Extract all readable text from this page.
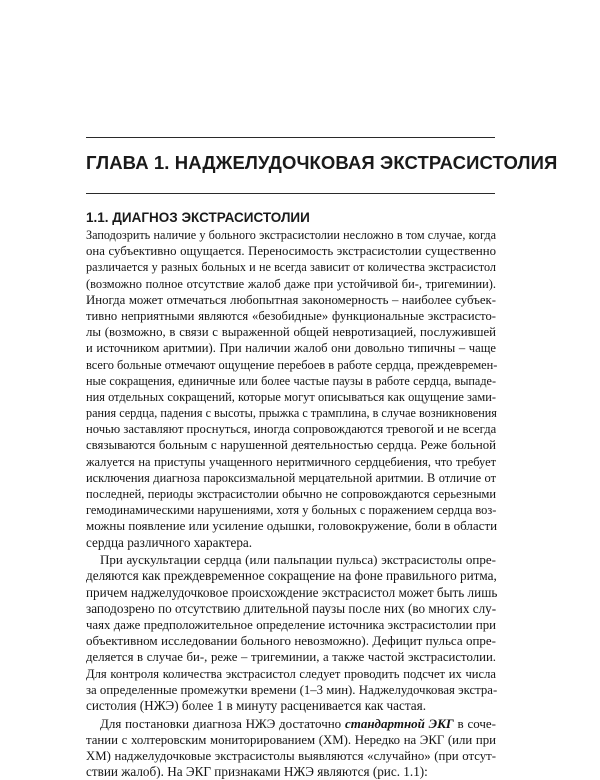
ГЛАВА 1. НАДЖЕЛУДОЧКОВАЯ ЭКСТРАСИСТОЛИЯ
1.1. ДИАГНОЗ ЭКСТРАСИСТОЛИИ
Заподозрить наличие у больного экстрасистолии несложно в том случае, когда
она субъективно ощущается. Переносимость экстрасистолии существенно
различается у разных больных и не всегда зависит от количества экстрасистол
(возможно полное отсутствие жалоб даже при устойчивой би-, тригеминии).
Иногда может отмечаться любопытная закономерность – наиболее субъек-
тивно неприятными являются «безобидные» функциональные экстрасисто-
лы (возможно, в связи с выраженной общей невротизацией, послужившей
и источником аритмии). При наличии жалоб они довольно типичны – чаще
всего больные отмечают ощущение перебоев в работе сердца, преждевремен-
ные сокращения, единичные или более частые паузы в работе сердца, выпаде-
ния отдельных сокращений, которые могут описываться как ощущение зами-
рания сердца, падения с высоты, прыжка с трамплина, в случае возникновения
ночью заставляют проснуться, иногда сопровождаются тревогой и не всегда
связываются больным с нарушенной деятельностью сердца. Реже больной
жалуется на приступы учащенного неритмичного сердцебиения, что требует
исключения диагноза пароксизмальной мерцательной аритмии. В отличие от
последней, периоды экстрасистолии обычно не сопровождаются серьезными
гемодинамическими нарушениями, хотя у больных с поражением сердца воз-
можны появление или усиление одышки, головокружение, боли в области
сердца различного характера.
При аускультации сердца (или пальпации пульса) экстрасистолы опре-
деляются как преждевременное сокращение на фоне правильного ритма,
причем наджелудочковое происхождение экстрасистол может быть лишь
заподозрено по отсутствию длительной паузы после них (во многих слу-
чаях даже предположительное определение источника экстрасистолии при
объективном исследовании больного невозможно). Дефицит пульса опре-
деляется в случае би-, реже – тригеминии, а также частой экстрасистолии.
Для контроля количества экстрасистол следует проводить подсчет их числа
за определенные промежутки времени (1–3 мин). Наджелудочковая экстра-
систолия (НЖЭ) более 1 в минуту расценивается как частая.
Для постановки диагноза НЖЭ достаточно стандартной ЭКГ в соче-
тании с холтеровским мониторированием (ХМ). Нередко на ЭКГ (или при
ХМ) наджелудочковые экстрасистолы выявляются «случайно» (при отсут-
ствии жалоб). На ЭКГ признаками НЖЭ являются (рис. 1.1):
